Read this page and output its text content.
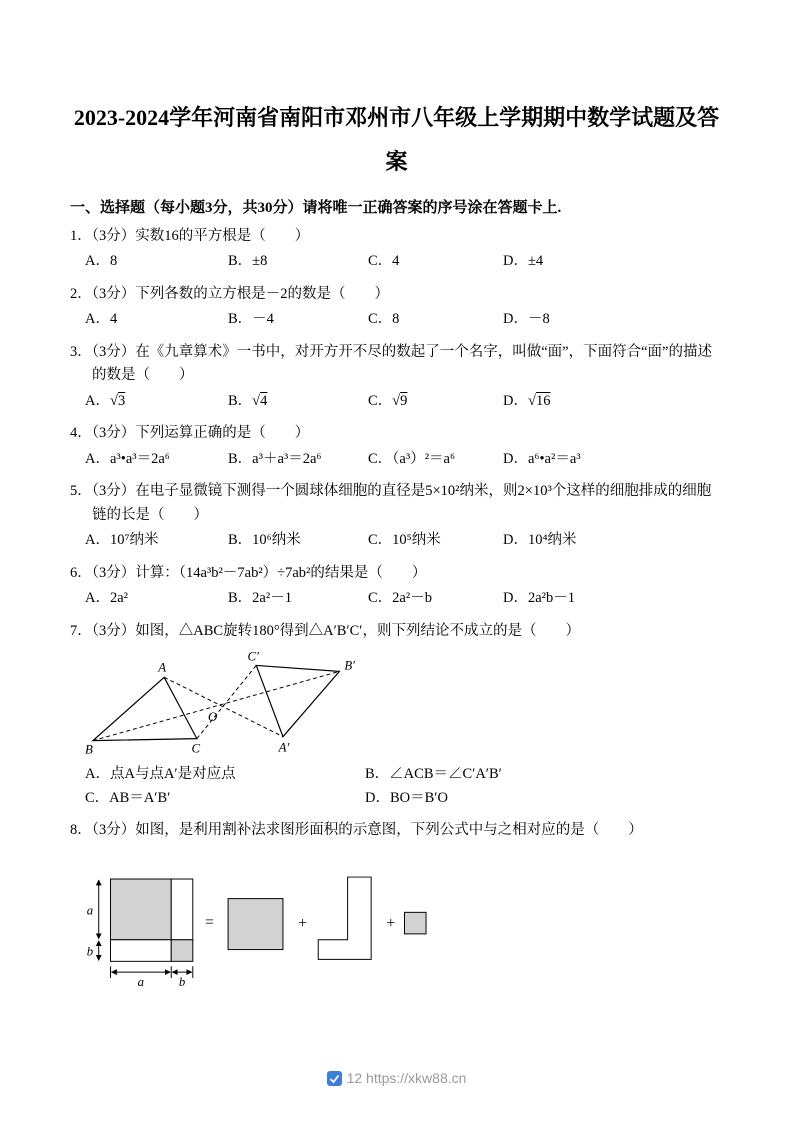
2023-2024学年河南省南阳市邓州市八年级上学期期中数学试题及答案
一、选择题（每小题3分，共30分）请将唯一正确答案的序号涂在答题卡上.
1．（3分）实数16的平方根是（　　）
A．8	B．±8	C．4	D．±4
2．（3分）下列各数的立方根是－2的数是（　　）
A．4	B．－4	C．8	D．－8
3．（3分）在《九章算术》一书中，对开方开不尽的数起了一个名字，叫做“面”，下面符合“面”的描述的数是（　　）
A．√3	B．√4	C．√9	D．√16
4．（3分）下列运算正确的是（　　）
A．a³•a³＝2a⁶	B．a³＋a³＝2a⁶	C．（a³）²＝a⁶	D．a⁶•a²＝a³
5．（3分）在电子显微镜下测得一个圆球体细胞的直径是5×10²纳米，则2×10³个这样的细胞排成的细胞链的长是（　　）
A．10⁷纳米	B．10⁶纳米	C．10⁵纳米	D．10⁴纳米
6．（3分）计算：（14a³b²－7ab²）÷7ab²的结果是（　　）
A．2a²	B．2a²－1	C．2a²－b	D．2a²b－1
7．（3分）如图，△ABC旋转180°得到△A′B′C′，则下列结论不成立的是（　　）
A
B	C
O
C′
B′
A′
A．点A与点A′是对应点	B．∠ACB＝∠C′A′B′
C．AB＝A′B′	D．BO＝B′O
8．（3分）如图，是利用割补法求图形面积的示意图，下列公式中与之相对应的是（　　）
a
b
a	b
=	+	+
12 https://xkw88.cn
